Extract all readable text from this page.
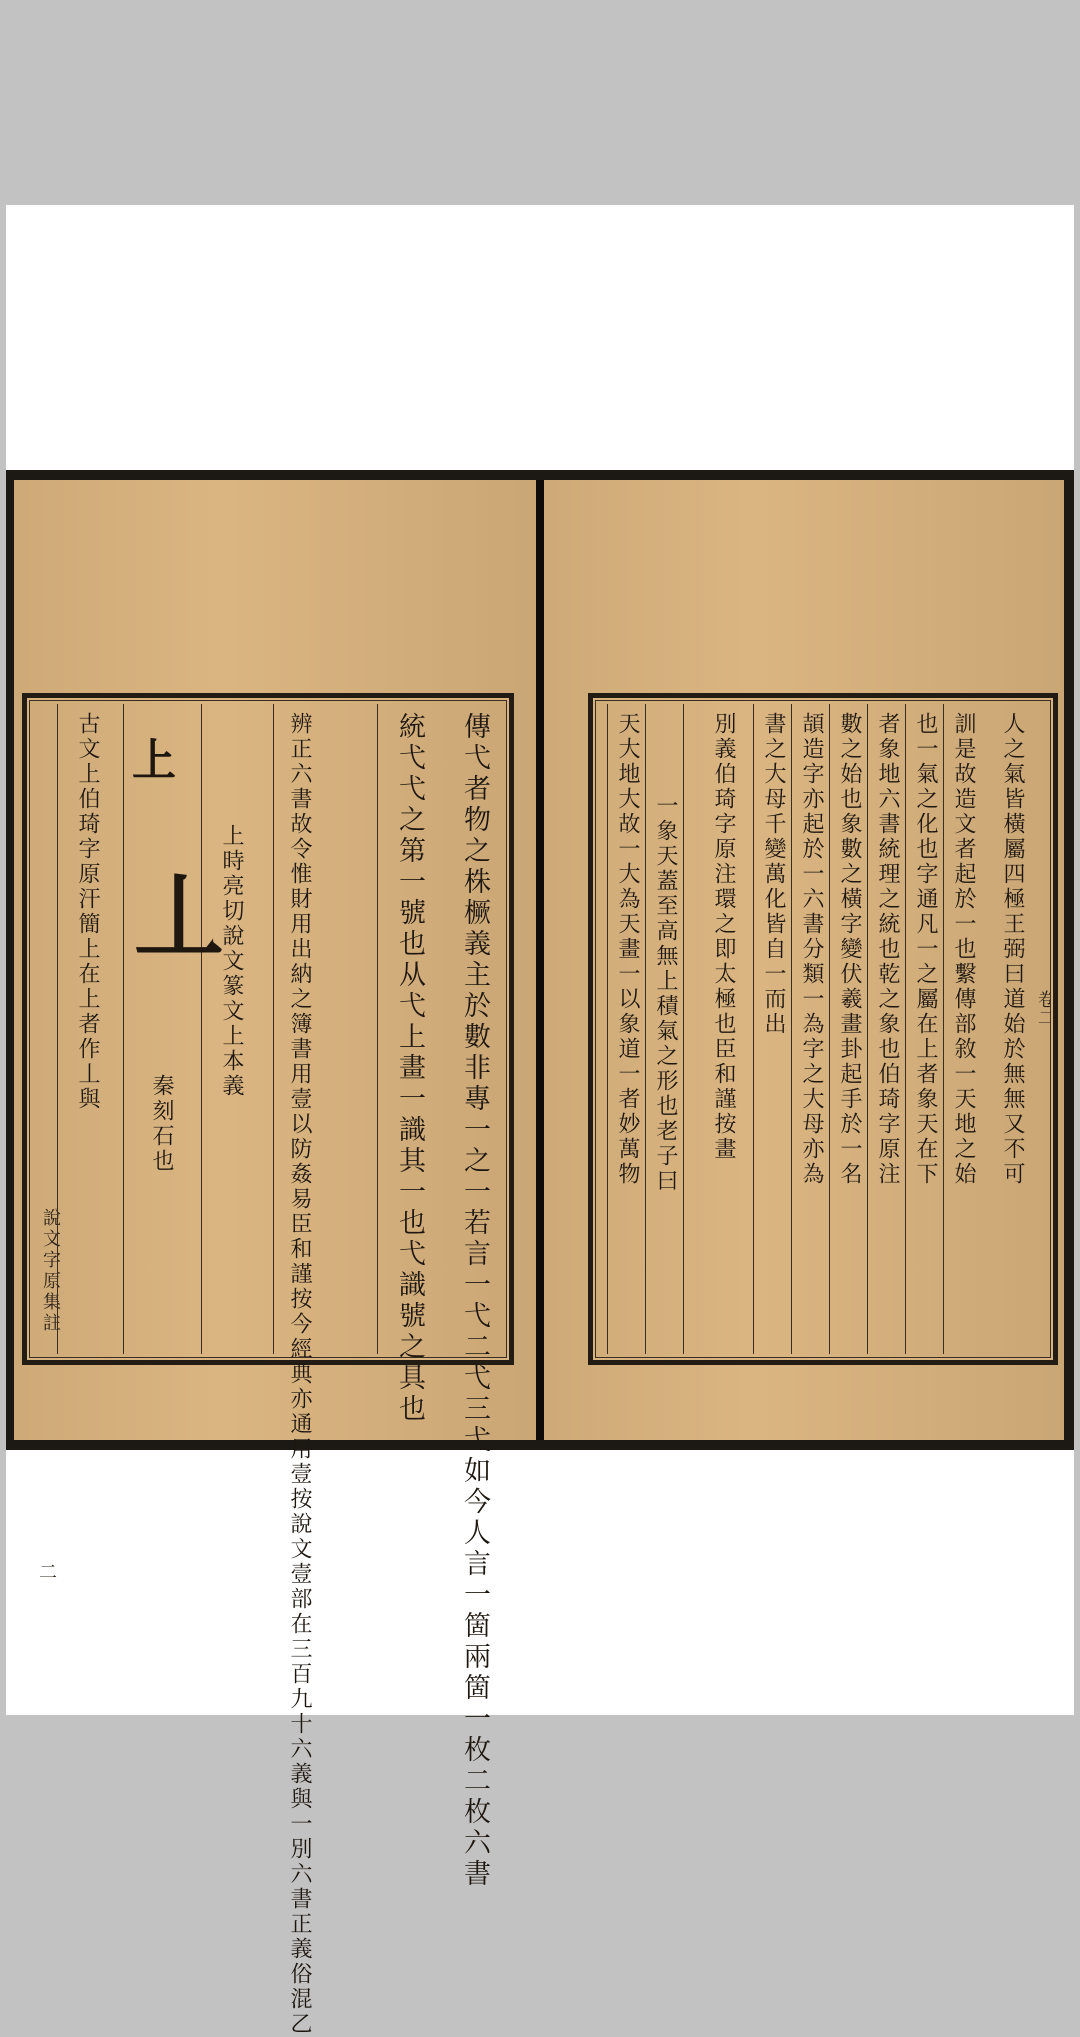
說文字原集註
二	傳弋者物之株橛義主於數非專一之一若言一弋二弋三弋如今人言一箇兩箇一枚二枚六書
統弋弋之第一號也从弋上畫一識其一也弋識號之具也
辨正六書故令惟財用出納之簿書用壹以防姦易臣和謹按今經典亦通用壹按說文壹部在三百九十六義與一別六書正義俗混乙
上時亮切說文篆文上本義
上
丄
秦刻石也
古文上伯琦字原汗簡上在上者作丄與	卷二
人之氣皆橫屬四極王弼曰道始於無無又不可
訓是故造文者起於一也繫傳部敘一天地之始
也一氣之化也字通凡一之屬在上者象天在下
者象地六書統理之統也乾之象也伯琦字原注
數之始也象數之橫字變伏羲畫卦起手於一名
頡造字亦起於一六書分類一為字之大母亦為
書之大母千變萬化皆自一而出
別義伯琦字原注環之即太極也臣和謹按畫
一象天蓋至高無上積氣之形也老子曰
天大地大故一大為天畫一以象道一者妙萬物
